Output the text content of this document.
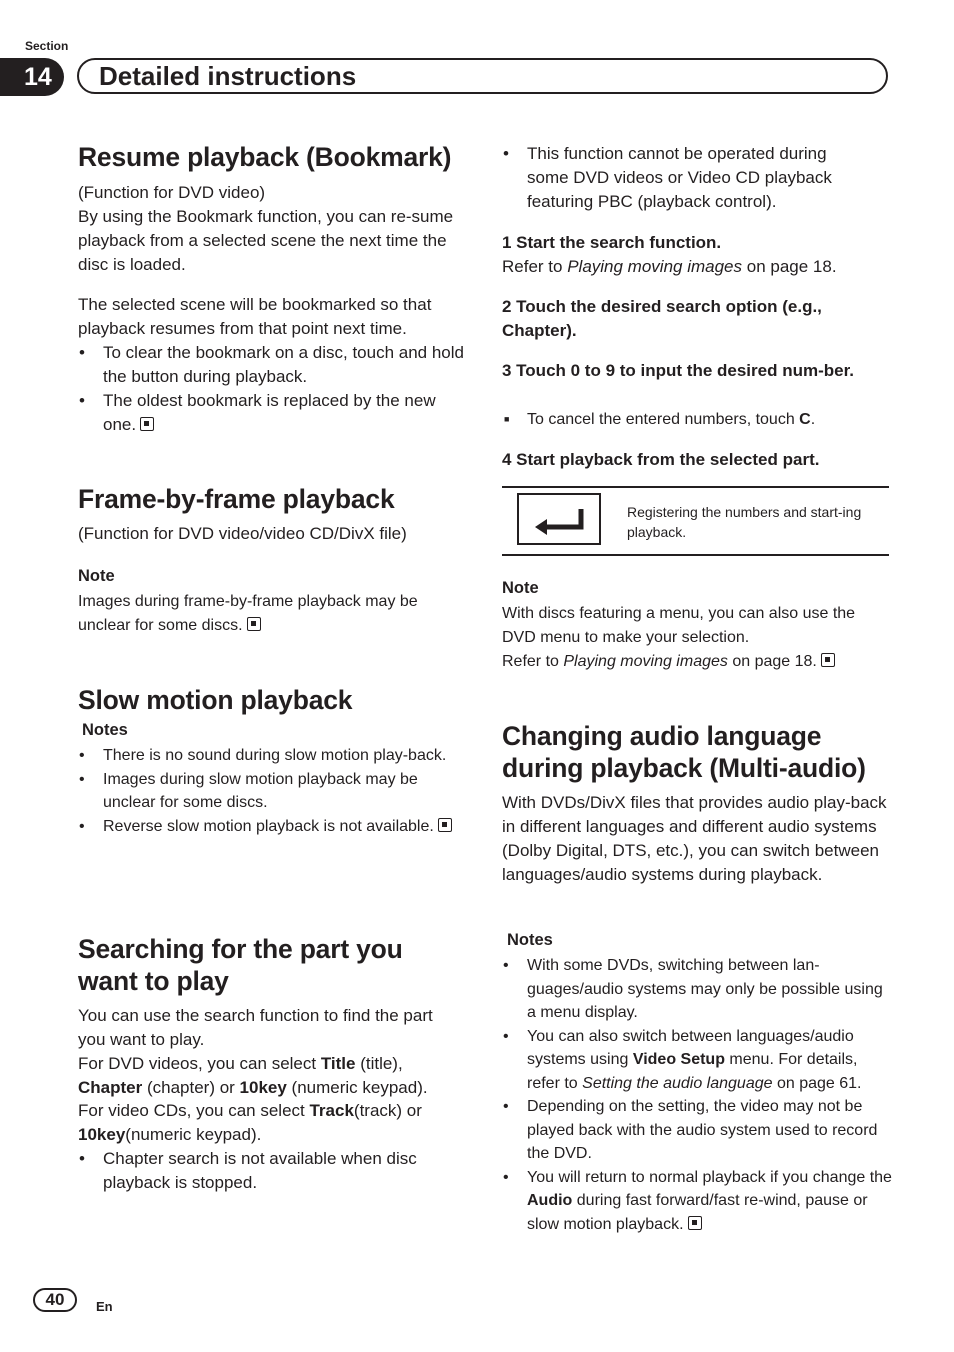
Section
14	Detailed instructions
Resume playback (Bookmark)

(Function for DVD video)

By using the Bookmark function, you can re-sume playback from a selected scene the next time the disc is loaded.

The selected scene will be bookmarked so that playback resumes from that point next time.

• To clear the bookmark on a disc, touch and hold the button during playback.
• The oldest bookmark is replaced by the new one.
Frame-by-frame playback

(Function for DVD video/video CD/DivX file)

Note

Images during frame-by-frame playback may be unclear for some discs.

Slow motion playback
Notes
• There is no sound during slow motion play-back.
• Images during slow motion playback may be unclear for some discs.
• Reverse slow motion playback is not available.
Searching for the part you
want to play

You can use the search function to find the part you want to play.

For DVD videos, you can select Title (title), Chapter (chapter) or 10key (numeric keypad).

For video CDs, you can select Track(track) or 10key(numeric keypad).

• Chapter search is not available when disc playback is stopped.
• This function cannot be operated during some DVD videos or Video CD playback featuring PBC (playback control).
1 Start the search function.

Refer to Playing moving images on page 18.

2 Touch the desired search option (e.g., Chapter).
3 Touch 0 to 9 to input the desired num-ber.
■ To cancel the entered numbers, touch C.
4 Start playback from the selected part.
Registering the numbers and start-ing playback.
Note

With discs featuring a menu, you can also use the DVD menu to make your selection.

Refer to Playing moving images on page 18.

Changing audio language
during playback (Multi-audio)

With DVDs/DivX files that provides audio play-back in different languages and different audio systems (Dolby Digital, DTS, etc.), you can switch between languages/audio systems during playback.

Notes
• With some DVDs, switching between lan-guages/audio systems may only be possible using a menu display.
• You can also switch between languages/audio systems using Video Setup menu. For details, refer to Setting the audio language on page 61.
• Depending on the setting, the video may not be played back with the audio system used to record the DVD.
• You will return to normal playback if you change the Audio during fast forward/fast re-wind, pause or slow motion playback.
40	En
